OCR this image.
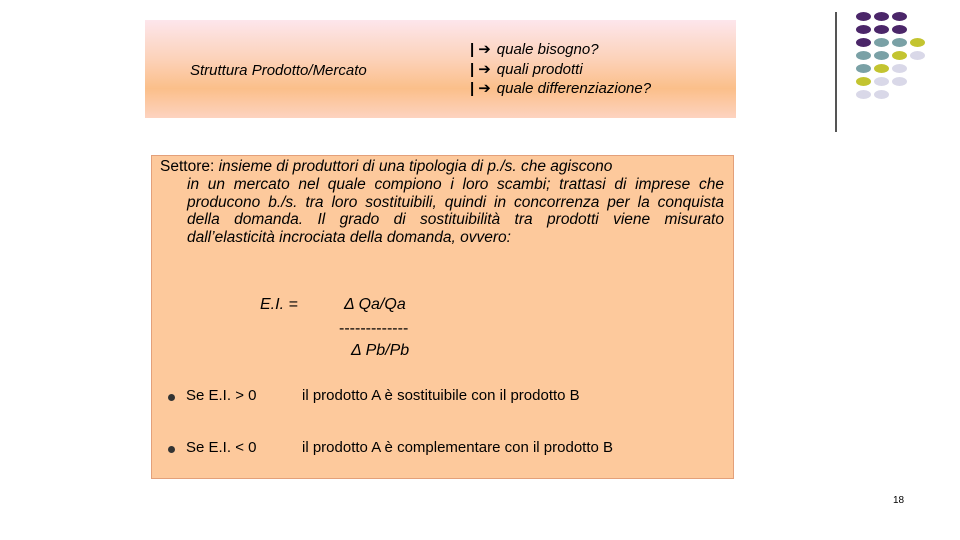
Struttura Prodotto/Mercato
| ➔ quale bisogno?
| ➔ quali prodotti
| ➔ quale differenziazione?
Settore: insieme di produttori di una tipologia di p./s. che agiscono
in un mercato nel quale compiono i loro scambi; trattasi di imprese che producono b./s. tra loro sostituibili, quindi in concorrenza per la conquista della domanda. Il grado di sostituibilità tra prodotti viene misurato dall’elasticità incrociata della domanda, ovvero:
E.I. =	Δ Qa/Qa
-------------
Δ Pb/Pb
Se E.I. > 0	il prodotto A è sostituibile con il prodotto B
Se E.I. < 0	il prodotto A è complementare con il prodotto B
18
